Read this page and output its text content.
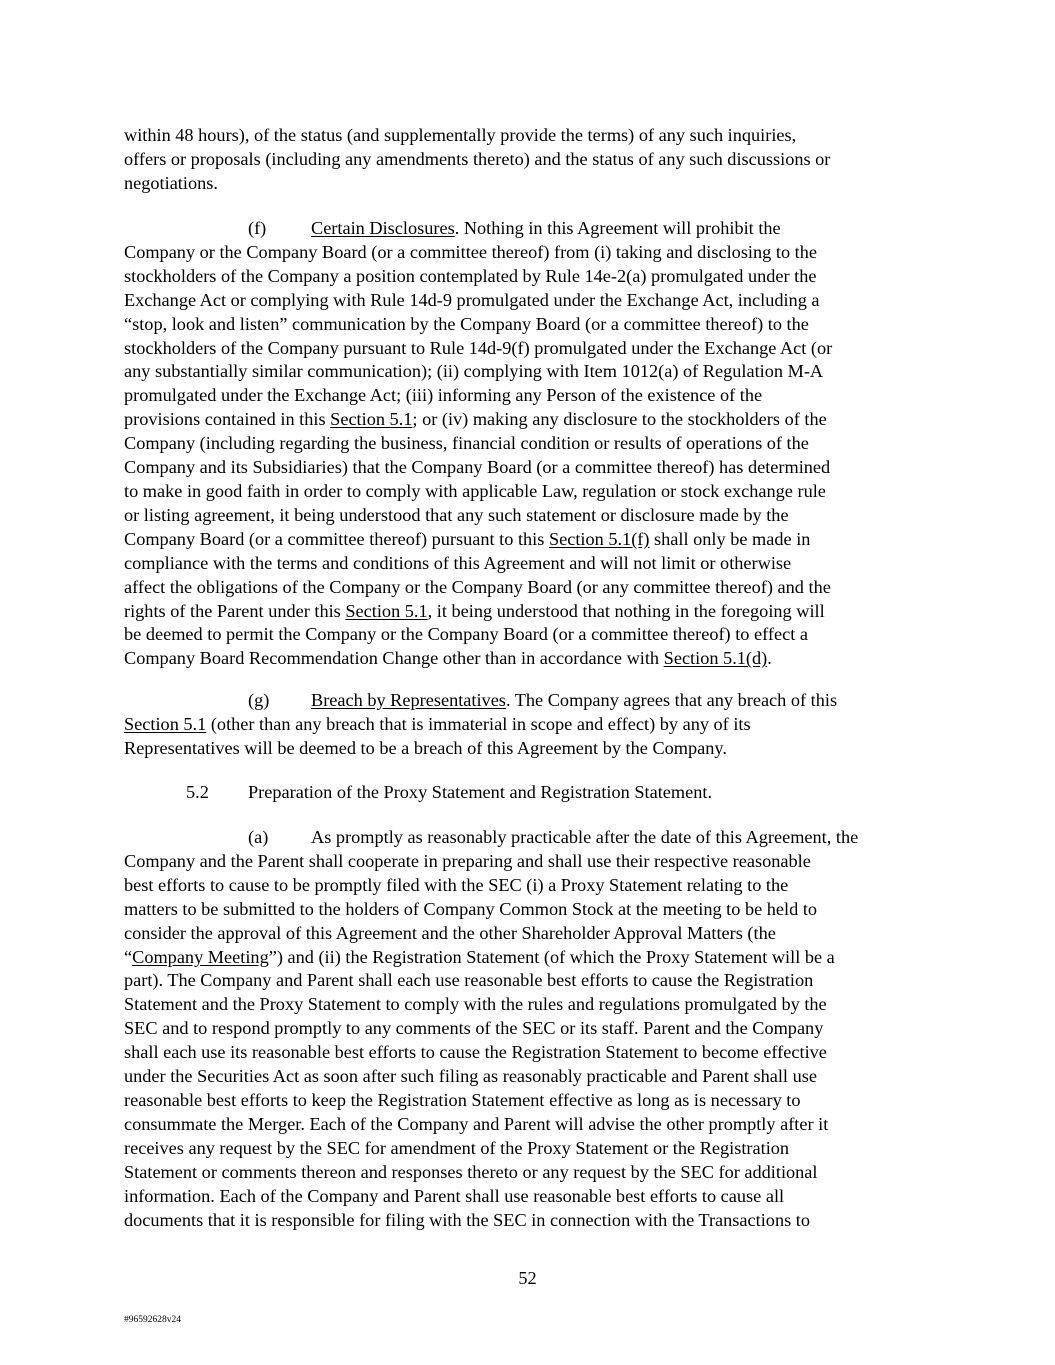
within 48 hours), of the status (and supplementally provide the terms) of any such inquiries,
offers or proposals (including any amendments thereto) and the status of any such discussions or
negotiations.
(f) Certain Disclosures. Nothing in this Agreement will prohibit the
Company or the Company Board (or a committee thereof) from (i) taking and disclosing to the
stockholders of the Company a position contemplated by Rule 14e-2(a) promulgated under the
Exchange Act or complying with Rule 14d-9 promulgated under the Exchange Act, including a
“stop, look and listen” communication by the Company Board (or a committee thereof) to the
stockholders of the Company pursuant to Rule 14d-9(f) promulgated under the Exchange Act (or
any substantially similar communication); (ii) complying with Item 1012(a) of Regulation M-A
promulgated under the Exchange Act; (iii) informing any Person of the existence of the
provisions contained in this Section 5.1; or (iv) making any disclosure to the stockholders of the
Company (including regarding the business, financial condition or results of operations of the
Company and its Subsidiaries) that the Company Board (or a committee thereof) has determined
to make in good faith in order to comply with applicable Law, regulation or stock exchange rule
or listing agreement, it being understood that any such statement or disclosure made by the
Company Board (or a committee thereof) pursuant to this Section 5.1(f) shall only be made in
compliance with the terms and conditions of this Agreement and will not limit or otherwise
affect the obligations of the Company or the Company Board (or any committee thereof) and the
rights of the Parent under this Section 5.1, it being understood that nothing in the foregoing will
be deemed to permit the Company or the Company Board (or a committee thereof) to effect a
Company Board Recommendation Change other than in accordance with Section 5.1(d).
(g) Breach by Representatives. The Company agrees that any breach of this
Section 5.1 (other than any breach that is immaterial in scope and effect) by any of its
Representatives will be deemed to be a breach of this Agreement by the Company.
5.2 Preparation of the Proxy Statement and Registration Statement.
(a) As promptly as reasonably practicable after the date of this Agreement, the
Company and the Parent shall cooperate in preparing and shall use their respective reasonable
best efforts to cause to be promptly filed with the SEC (i) a Proxy Statement relating to the
matters to be submitted to the holders of Company Common Stock at the meeting to be held to
consider the approval of this Agreement and the other Shareholder Approval Matters (the
“Company Meeting”) and (ii) the Registration Statement (of which the Proxy Statement will be a
part). The Company and Parent shall each use reasonable best efforts to cause the Registration
Statement and the Proxy Statement to comply with the rules and regulations promulgated by the
SEC and to respond promptly to any comments of the SEC or its staff. Parent and the Company
shall each use its reasonable best efforts to cause the Registration Statement to become effective
under the Securities Act as soon after such filing as reasonably practicable and Parent shall use
reasonable best efforts to keep the Registration Statement effective as long as is necessary to
consummate the Merger. Each of the Company and Parent will advise the other promptly after it
receives any request by the SEC for amendment of the Proxy Statement or the Registration
Statement or comments thereon and responses thereto or any request by the SEC for additional
information. Each of the Company and Parent shall use reasonable best efforts to cause all
documents that it is responsible for filing with the SEC in connection with the Transactions to
52
#96592628v24
